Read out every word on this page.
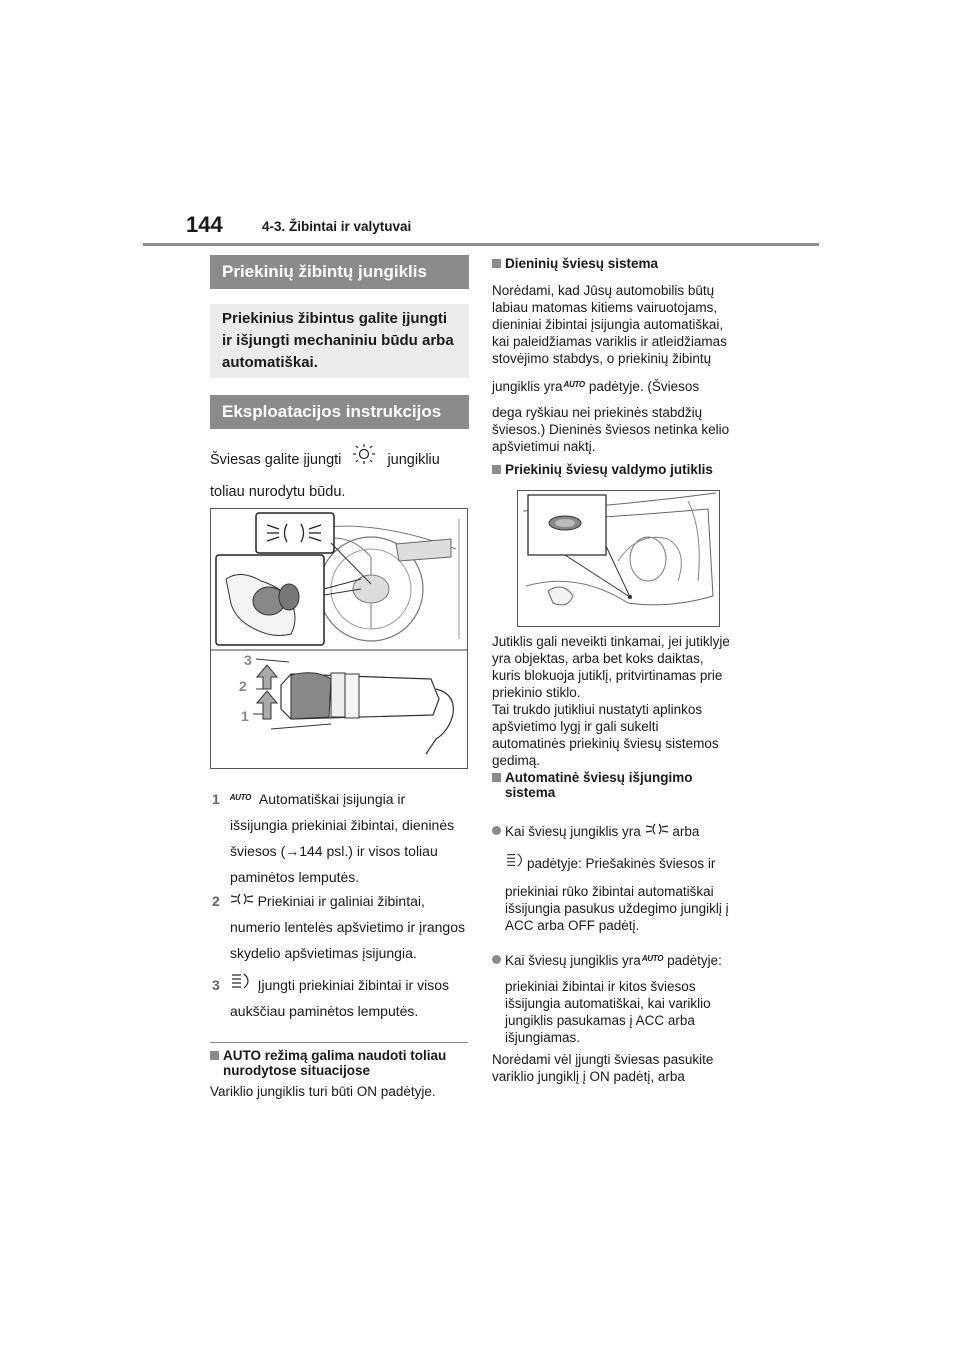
144	4-3. Žibintai ir valytuvai
Priekinių žibintų jungiklis
Priekinius žibintus galite įjungti ir išjungti mechaniniu būdu arba automatiškai.
Eksploatacijos instrukcijos
Šviesas galite įjungti	jungikliu
toliau nurodytu būdu.
3
2
1
1 $^{AUTO}$ Automatiškai įsijungia ir
išsijungia priekiniai žibintai, dieninės
šviesos (→144 psl.) ir visos toliau
paminėtos lemputės.
2	Priekiniai ir galiniai žibintai,
numerio lentelės apšvietimo ir įrangos
skydelio apšvietimas įsijungia.
3	Įjungti priekiniai žibintai ir visos
aukščiau paminėtos lemputės.
AUTO režimą galima naudoti toliau
nurodytose situacijose
Variklio jungiklis turi būti ON padėtyje.
Dieninių šviesų sistema
Norėdami, kad Jūsų automobilis būtų
labiau matomas kitiems vairuotojams,
dieniniai žibintai įsijungia automatiškai,
kai paleidžiamas variklis ir atleidžiamas
stovėjimo stabdys, o priekinių žibintų
jungiklis yra$^{AUTO}$ padėtyje. (Šviesos
dega ryškiau nei priekinės stabdžių
šviesos.) Dieninės šviesos netinka kelio
apšvietimui naktį.
Priekinių šviesų valdymo jutiklis
Jutiklis gali neveikti tinkamai, jei jutiklyje
yra objektas, arba bet koks daiktas,
kuris blokuoja jutiklį, pritvirtinamas prie
priekinio stiklo.
Tai trukdo jutikliui nustatyti aplinkos
apšvietimo lygį ir gali sukelti
automatinės priekinių šviesų sistemos
gedimą.
Automatinė šviesų išjungimo
sistema
Kai šviesų jungiklis yra arba
padėtyje: Priešakinės šviesos ir
priekiniai rūko žibintai automatiškai
išsijungia pasukus uždegimo jungiklį į
ACC arba OFF padėtį.
Kai šviesų jungiklis yra$^{AUTO}$ padėtyje:
priekiniai žibintai ir kitos šviesos
išsijungia automatiškai, kai variklio
jungiklis pasukamas į ACC arba
išjungiamas.
Norėdami vėl įjungti šviesas pasukite
variklio jungiklį į ON padėtį, arba
